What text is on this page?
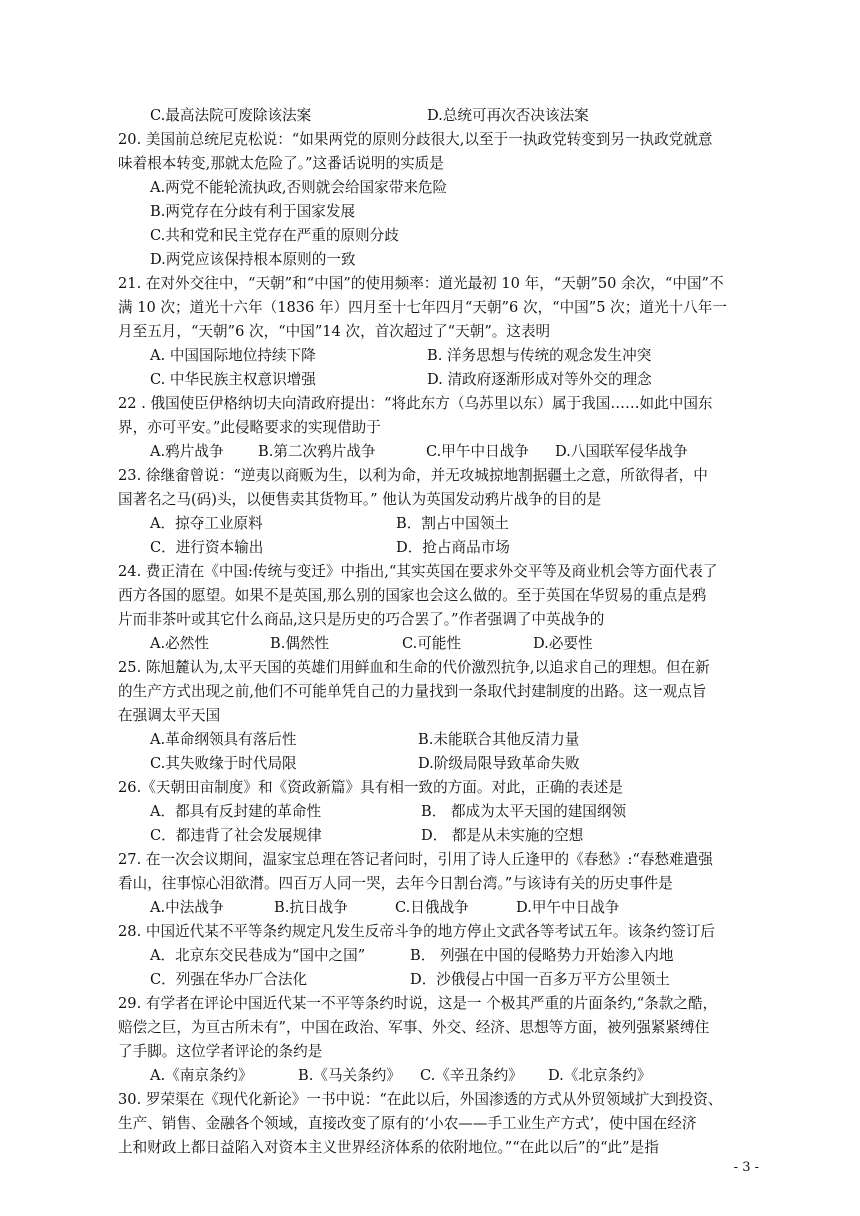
C.最高法院可废除该法案	D.总统可再次否决该法案
20. 美国前总统尼克松说：“如果两党的原则分歧很大,以至于一执政党转变到另一执政党就意
味着根本转变,那就太危险了。”这番话说明的实质是
A.两党不能轮流执政,否则就会给国家带来危险
B.两党存在分歧有利于国家发展
C.共和党和民主党存在严重的原则分歧
D.两党应该保持根本原则的一致
21. 在对外交往中，“天朝”和“中国”的使用频率：道光最初 10 年，“天朝”50 余次，“中国”不
满 10 次；道光十六年（1836 年）四月至十七年四月“天朝”6 次，“中国”5 次；道光十八年一
月至五月，“天朝”6 次，“中国”14 次，首次超过了“天朝”。这表明
A. 中国国际地位持续下降	B. 洋务思想与传统的观念发生冲突
C. 中华民族主权意识增强	D. 清政府逐渐形成对等外交的理念
22 . 俄国使臣伊格纳切夫向清政府提出：“将此东方（乌苏里以东）属于我国……如此中国东
界，亦可平安。”此侵略要求的实现借助于
A.鸦片战争 B.第二次鸦片战争	C.甲午中日战争 D.八国联军侵华战争
23. 徐继畲曾说：“逆夷以商贩为生，以利为命，并无攻城掠地割据疆土之意，所欲得者，中
国著名之马(码)头，以便售卖其货物耳。” 他认为英国发动鸦片战争的目的是
A．掠夺工业原料	B．割占中国领土
C．进行资本输出	D．抢占商品市场
24. 费正清在《中国:传统与变迁》中指出,“其实英国在要求外交平等及商业机会等方面代表了
西方各国的愿望。如果不是英国,那么别的国家也会这么做的。至于英国在华贸易的重点是鸦
片而非茶叶或其它什么商品,这只是历史的巧合罢了。”作者强调了中英战争的
A.必然性	B.偶然性	C.可能性	D.必要性
25. 陈旭麓认为,太平天国的英雄们用鲜血和生命的代价激烈抗争,以追求自己的理想。但在新
的生产方式出现之前,他们不可能单凭自己的力量找到一条取代封建制度的出路。这一观点旨
在强调太平天国
A.革命纲领具有落后性	B.未能联合其他反清力量
C.其失败缘于时代局限	D.阶级局限导致革命失败
26.《天朝田亩制度》和《资政新篇》具有相一致的方面。对此，正确的表述是
A．都具有反封建的革命性	B． 都成为太平天国的建国纲领
C．都违背了社会发展规律	D． 都是从未实施的空想
27. 在一次会议期间，温家宝总理在答记者问时，引用了诗人丘逢甲的《春愁》:“春愁难遣强
看山，往事惊心泪欲潸。四百万人同一哭，去年今日割台湾。”与该诗有关的历史事件是
A.中法战争	B.抗日战争	C.日俄战争	D.甲午中日战争
28. 中国近代某不平等条约规定凡发生反帝斗争的地方停止文武各等考试五年。该条约签订后
A．北京东交民巷成为“国中之国”	B． 列强在中国的侵略势力开始渗入内地
C．列强在华办厂合法化	D．沙俄侵占中国一百多万平方公里领土
29. 有学者在评论中国近代某一不平等条约时说，这是一 个极其严重的片面条约,“条款之酷，
赔偿之巨，为亘古所未有”，中国在政治、军事、外交、经济、思想等方面，被列强紧紧缚住
了手脚。这位学者评论的条约是
A.《南京条约》	B.《马关条约》 C.《辛丑条约》 D.《北京条约》
30. 罗荣渠在《现代化新论》一书中说：“在此以后，外国渗透的方式从外贸领域扩大到投资、
生产、销售、金融各个领域，直接改变了原有的‘小农——手工业生产方式’，使中国在经济
上和财政上都日益陷入对资本主义世界经济体系的依附地位。”“在此以后”的“此”是指
- 3 -
